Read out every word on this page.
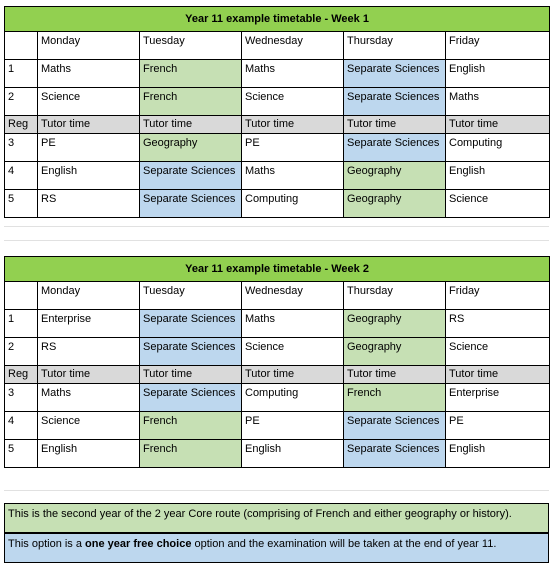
Year 11 example timetable - Week 1					
	Monday	Tuesday	Wednesday	Thursday	Friday
1	Maths	French	Maths	Separate Sciences	English
2	Science	French	Science	Separate Sciences	Maths
Reg	Tutor time	Tutor time	Tutor time	Tutor time	Tutor time
3	PE	Geography	PE	Separate Sciences	Computing
4	English	Separate Sciences	Maths	Geography	English
5	RS	Separate Sciences	Computing	Geography	Science
Year 11 example timetable - Week 2					
	Monday	Tuesday	Wednesday	Thursday	Friday
1	Enterprise	Separate Sciences	Maths	Geography	RS
2	RS	Separate Sciences	Science	Geography	Science
Reg	Tutor time	Tutor time	Tutor time	Tutor time	Tutor time
3	Maths	Separate Sciences	Computing	French	Enterprise
4	Science	French	PE	Separate Sciences	PE
5	English	French	English	Separate Sciences	English
This is the second year of the 2 year Core route (comprising of French and either geography or history).
This option is a one year free choice option and the examination will be taken at the end of year 11.
